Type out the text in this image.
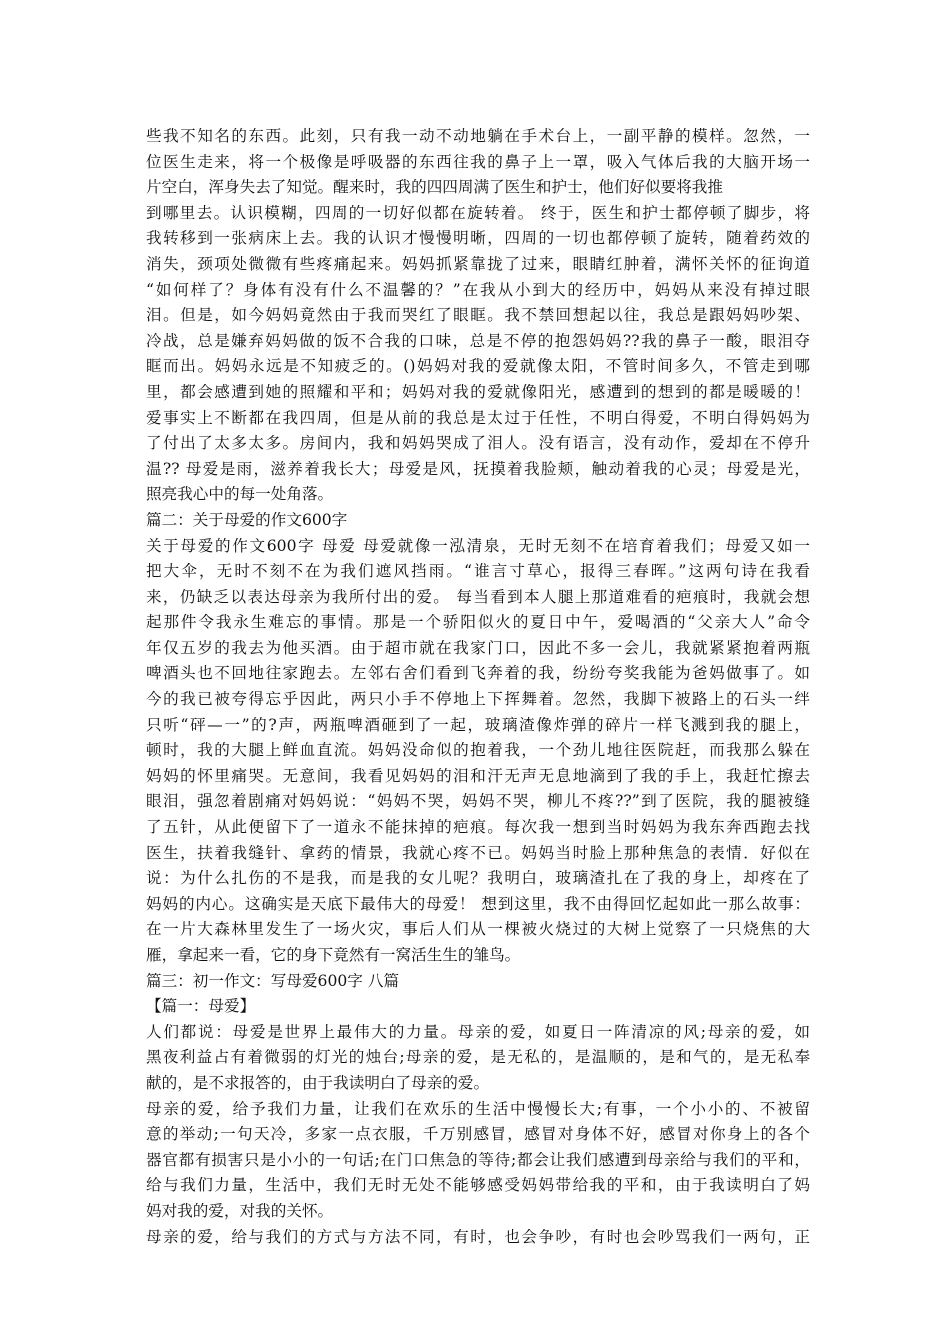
些我不知名的东西。此刻，只有我一动不动地躺在手术台上，一副平静的模样。忽然，一
位医生走来，将一个极像是呼吸器的东西往我的鼻子上一罩，吸入气体后我的大脑开场一
片空白，浑身失去了知觉。醒来时，我的四四周满了医生和护士，他们好似要将我推
到哪里去。认识模糊，四周的一切好似都在旋转着。 终于，医生和护士都停顿了脚步，将
我转移到一张病床上去。我的认识才慢慢明晰，四周的一切也都停顿了旋转，随着药效的
消失，颈项处微微有些疼痛起来。妈妈抓紧靠拢了过来，眼睛红肿着，满怀关怀的征询道
“如何样了？身体有没有什么不温馨的？”在我从小到大的经历中，妈妈从来没有掉过眼
泪。但是，如今妈妈竟然由于我而哭红了眼眶。我不禁回想起以往，我总是跟妈妈吵架、
冷战，总是嫌弃妈妈做的饭不合我的口味，总是不停的抱怨妈妈??我的鼻子一酸，眼泪夺
眶而出。妈妈永远是不知疲乏的。()妈妈对我的爱就像太阳，不管时间多久，不管走到哪
里，都会感遭到她的照耀和平和；妈妈对我的爱就像阳光，感遭到的想到的都是暖暖的！
爱事实上不断都在我四周，但是从前的我总是太过于任性，不明白得爱，不明白得妈妈为
了付出了太多太多。房间内，我和妈妈哭成了泪人。没有语言，没有动作，爱却在不停升
温?? 母爱是雨，滋养着我长大；母爱是风，抚摸着我脸颊，触动着我的心灵；母爱是光，
照亮我心中的每一处角落。
篇二：关于母爱的作文600字
关于母爱的作文600字 母爱 母爱就像一泓清泉，无时无刻不在培育着我们；母爱又如一
把大伞，无时不刻不在为我们遮风挡雨。“谁言寸草心，报得三春晖。”这两句诗在我看
来，仍缺乏以表达母亲为我所付出的爱。 每当看到本人腿上那道难看的疤痕时，我就会想
起那件令我永生难忘的事情。那是一个骄阳似火的夏日中午，爱喝酒的“父亲大人”命令
年仅五岁的我去为他买酒。由于超市就在我家门口，因此不多一会儿，我就紧紧抱着两瓶
啤酒头也不回地往家跑去。左邻右舍们看到飞奔着的我，纷纷夸奖我能为爸妈做事了。如
今的我已被夸得忘乎因此，两只小手不停地上下挥舞着。忽然，我脚下被路上的石头一绊
只听“砰—一”的?声，两瓶啤酒砸到了一起，玻璃渣像炸弹的碎片一样飞溅到我的腿上，
顿时，我的大腿上鲜血直流。妈妈没命似的抱着我，一个劲儿地往医院赶，而我那么躲在
妈妈的怀里痛哭。无意间，我看见妈妈的泪和汗无声无息地滴到了我的手上，我赶忙擦去
眼泪，强忽着剧痛对妈妈说：“妈妈不哭，妈妈不哭，柳儿不疼??”到了医院，我的腿被缝
了五针，从此便留下了一道永不能抹掉的疤痕。每次我一想到当时妈妈为我东奔西跑去找
医生，扶着我缝针、拿药的情景，我就心疼不已。妈妈当时脸上那种焦急的表情．好似在
说：为什么扎伤的不是我，而是我的女儿呢？我明白，玻璃渣扎在了我的身上，却疼在了
妈妈的内心。这确实是天底下最伟大的母爱！ 想到这里，我不由得回忆起如此一那么故事：
在一片大森林里发生了一场火灾，事后人们从一棵被火烧过的大树上觉察了一只烧焦的大
雁，拿起来一看，它的身下竟然有一窝活生生的雏鸟。
篇三：初一作文：写母爱600字 八篇
【篇一：母爱】
人们都说：母爱是世界上最伟大的力量。母亲的爱，如夏日一阵清凉的风;母亲的爱，如
黑夜利益占有着微弱的灯光的烛台;母亲的爱，是无私的，是温顺的，是和气的，是无私奉
献的，是不求报答的，由于我读明白了母亲的爱。
母亲的爱，给予我们力量，让我们在欢乐的生活中慢慢长大;有事，一个小小的、不被留
意的举动;一句天冷，多家一点衣服，千万别感冒，感冒对身体不好，感冒对你身上的各个
器官都有损害只是小小的一句话;在门口焦急的等待;都会让我们感遭到母亲给与我们的平和，
给与我们力量，生活中，我们无时无处不能够感受妈妈带给我的平和，由于我读明白了妈
妈对我的爱，对我的关怀。
母亲的爱，给与我们的方式与方法不同，有时，也会争吵，有时也会吵骂我们一两句，正
